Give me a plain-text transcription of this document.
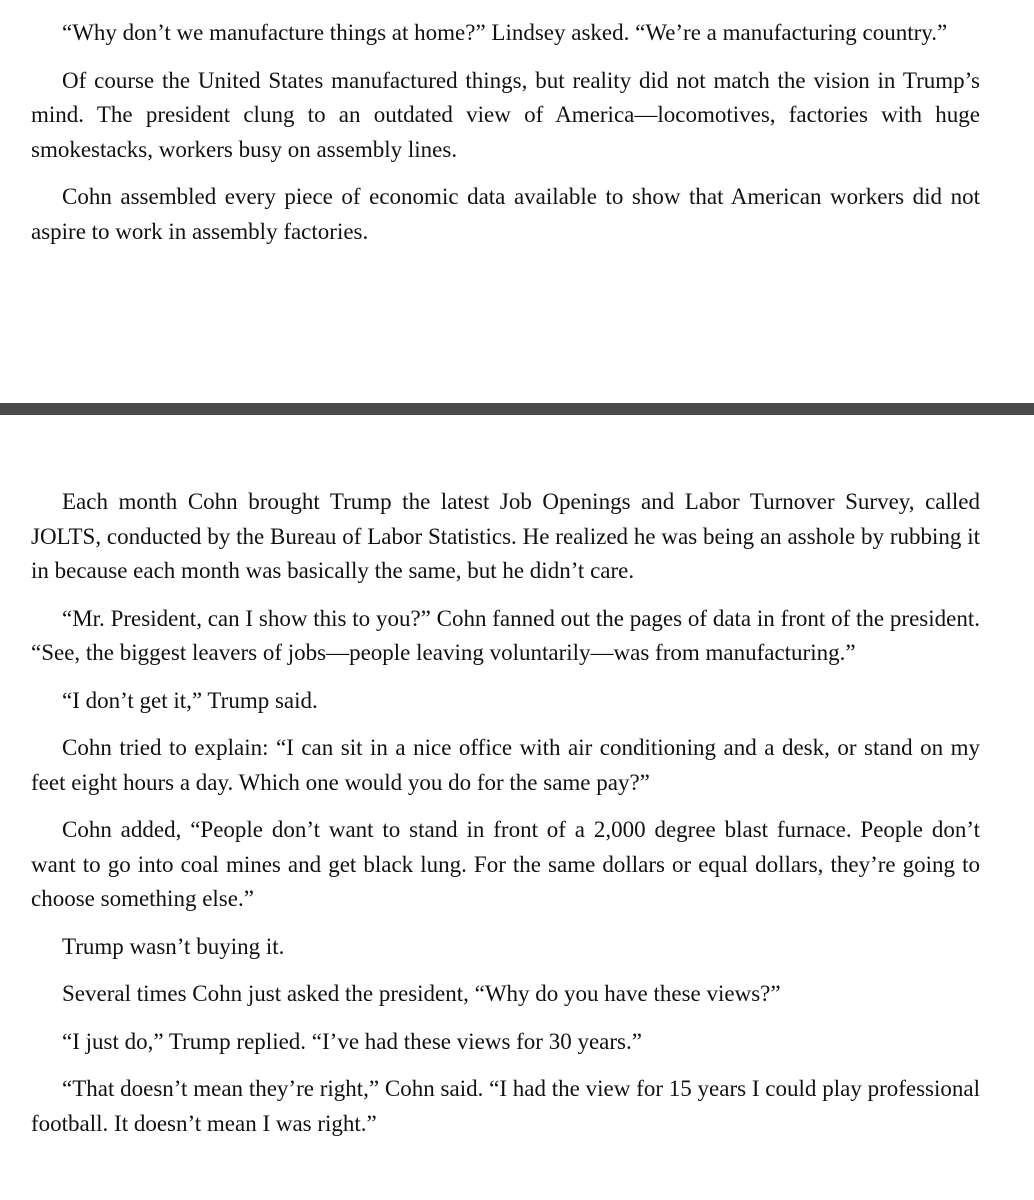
“Why don’t we manufacture things at home?” Lindsey asked. “We’re a manufacturing country.”

Of course the United States manufactured things, but reality did not match the vision in Trump’s mind. The president clung to an outdated view of America—locomotives, factories with huge smokestacks, workers busy on assembly lines.

Cohn assembled every piece of economic data available to show that American workers did not aspire to work in assembly factories.

Each month Cohn brought Trump the latest Job Openings and Labor Turnover Survey, called JOLTS, conducted by the Bureau of Labor Statistics. He realized he was being an asshole by rubbing it in because each month was basically the same, but he didn’t care.

“Mr. President, can I show this to you?” Cohn fanned out the pages of data in front of the president. “See, the biggest leavers of jobs—people leaving voluntarily—was from manufacturing.”

“I don’t get it,” Trump said.

Cohn tried to explain: “I can sit in a nice office with air conditioning and a desk, or stand on my feet eight hours a day. Which one would you do for the same pay?”

Cohn added, “People don’t want to stand in front of a 2,000 degree blast furnace. People don’t want to go into coal mines and get black lung. For the same dollars or equal dollars, they’re going to choose something else.”

Trump wasn’t buying it.

Several times Cohn just asked the president, “Why do you have these views?”

“I just do,” Trump replied. “I’ve had these views for 30 years.”

“That doesn’t mean they’re right,” Cohn said. “I had the view for 15 years I could play professional football. It doesn’t mean I was right.”
